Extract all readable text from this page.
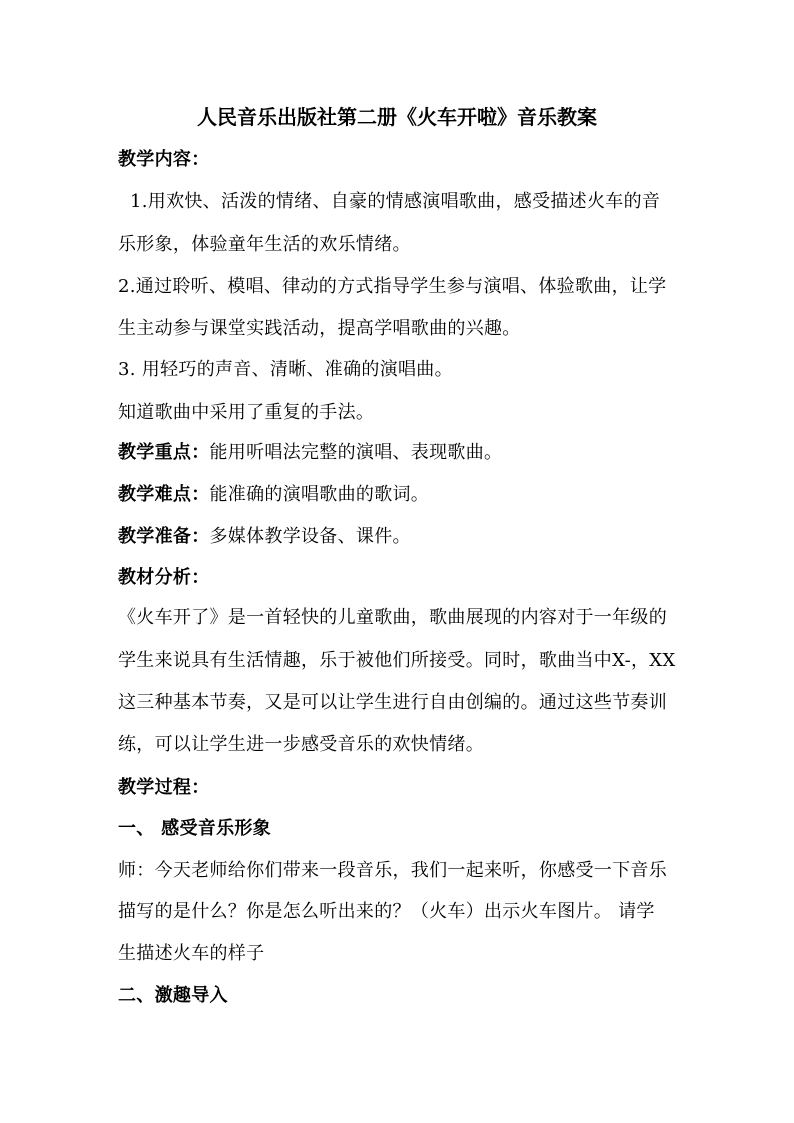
人民音乐出版社第二册《火车开啦》音乐教案
教学内容：
1.用欢快、活泼的情绪、自豪的情感演唱歌曲，感受描述火车的音
乐形象，体验童年生活的欢乐情绪。
2.通过聆听、模唱、律动的方式指导学生参与演唱、体验歌曲，让学
生主动参与课堂实践活动，提高学唱歌曲的兴趣。
3. 用轻巧的声音、清晰、准确的演唱曲。
知道歌曲中采用了重复的手法。
教学重点：能用听唱法完整的演唱、表现歌曲。
教学难点：能准确的演唱歌曲的歌词。
教学准备：多媒体教学设备、课件。
教材分析：
《火车开了》是一首轻快的儿童歌曲，歌曲展现的内容对于一年级的
学生来说具有生活情趣，乐于被他们所接受。同时，歌曲当中X-，XX
这三种基本节奏，又是可以让学生进行自由创编的。通过这些节奏训
练，可以让学生进一步感受音乐的欢快情绪。
教学过程：
一、 感受音乐形象
师：今天老师给你们带来一段音乐，我们一起来听，你感受一下音乐
描写的是什么？你是怎么听出来的？（火车）出示火车图片。 请学
生描述火车的样子
二、激趣导入
